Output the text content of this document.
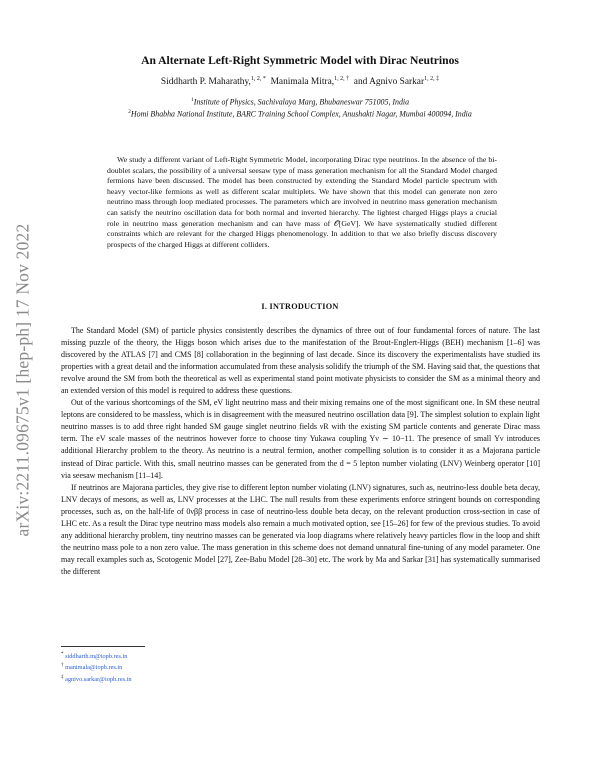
arXiv:2211.09675v1 [hep-ph] 17 Nov 2022
An Alternate Left-Right Symmetric Model with Dirac Neutrinos
Siddharth P. Maharathy,$^{1, 2, *}$ Manimala Mitra,$^{1, 2, \dagger}$ and Agnivo Sarkar$^{1, 2, \ddagger}$
$^1$Institute of Physics, Sachivalaya Marg, Bhubaneswar 751005, India
$^2$Homi Bhabha National Institute, BARC Training School Complex, Anushakti Nagar, Mumbai 400094, India
We study a different variant of Left-Right Symmetric Model, incorporating Dirac type neutrinos. In the absence of the bi-doublet scalars, the possibility of a universal seesaw type of mass generation mechanism for all the Standard Model charged fermions have been discussed. The model has been constructed by extending the Standard Model particle spectrum with heavy vector-like fermions as well as different scalar multiplets. We have shown that this model can generate non zero neutrino mass through loop mediated processes. The parameters which are involved in neutrino mass generation mechanism can satisfy the neutrino oscillation data for both normal and inverted hierarchy. The lightest charged Higgs plays a crucial role in neutrino mass generation mechanism and can have mass of 𝒪[GeV]. We have systematically studied different constraints which are relevant for the charged Higgs phenomenology. In addition to that we also briefly discuss discovery prospects of the charged Higgs at different colliders.
I. INTRODUCTION

The Standard Model (SM) of particle physics consistently describes the dynamics of three out of four fundamental forces of nature. The last missing puzzle of the theory, the Higgs boson which arises due to the manifestation of the Brout-Englert-Higgs (BEH) mechanism [1–6] was discovered by the ATLAS [7] and CMS [8] collaboration in the beginning of last decade. Since its discovery the experimentalists have studied its properties with a great detail and the information accumulated from these analysis solidify the triumph of the SM. Having said that, the questions that revolve around the SM from both the theoretical as well as experimental stand point motivate physicists to consider the SM as a minimal theory and an extended version of this model is required to address these questions.

Out of the various shortcomings of the SM, eV light neutrino mass and their mixing remains one of the most significant one. In SM these neutral leptons are considered to be massless, which is in disagreement with the measured neutrino oscillation data [9]. The simplest solution to explain light neutrino masses is to add three right handed SM gauge singlet neutrino fields νR with the existing SM particle contents and generate Dirac mass term. The eV scale masses of the neutrinos however force to choose tiny Yukawa coupling Yν ∼ 10−11. The presence of small Yν introduces additional Hierarchy problem to the theory. As neutrino is a neutral fermion, another compelling solution is to consider it as a Majorana particle instead of Dirac particle. With this, small neutrino masses can be generated from the d = 5 lepton number violating (LNV) Weinberg operator [10] via seesaw mechanism [11–14].

If neutrinos are Majorana particles, they give rise to different lepton number violating (LNV) signatures, such as, neutrino-less double beta decay, LNV decays of mesons, as well as, LNV processes at the LHC. The null results from these experiments enforce stringent bounds on corresponding processes, such as, on the half-life of 0νββ process in case of neutrino-less double beta decay, on the relevant production cross-section in case of LHC etc. As a result the Dirac type neutrino mass models also remain a much motivated option, see [15–26] for few of the previous studies. To avoid any additional hierarchy problem, tiny neutrino masses can be generated via loop diagrams where relatively heavy particles flow in the loop and shift the neutrino mass pole to a non zero value. The mass generation in this scheme does not demand unnatural fine-tuning of any model parameter. One may recall examples such as, Scotogenic Model [27], Zee-Babu Model [28–30] etc. The work by Ma and Sarkar [31] has systematically summarised the different

* siddharth.m@iopb.res.in
† manimala@iopb.res.in
‡ agnivo.sarkar@iopb.res.in
